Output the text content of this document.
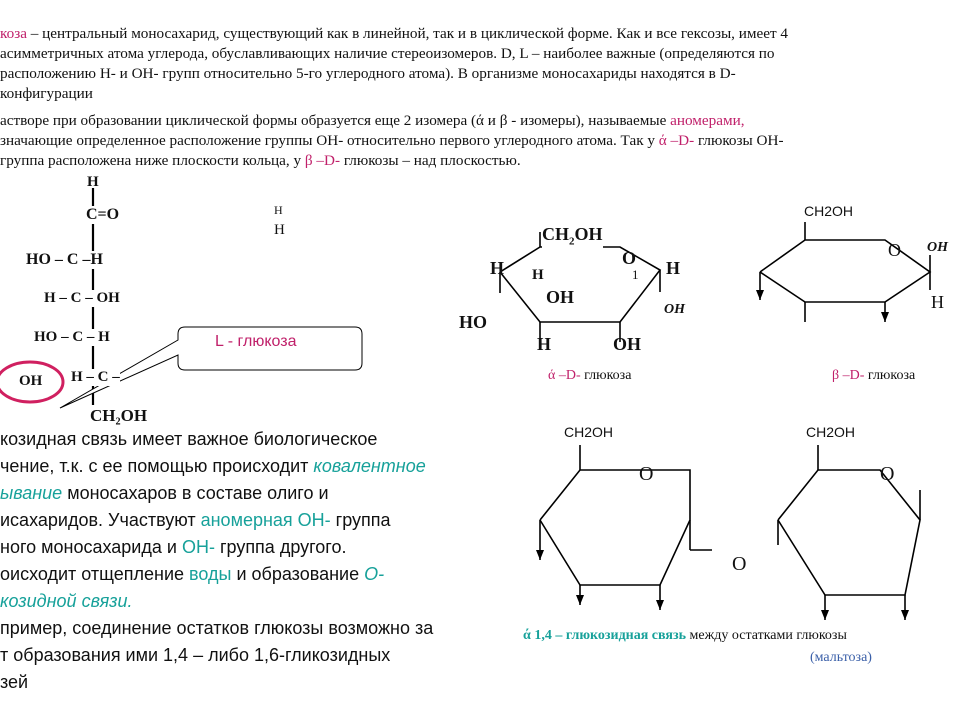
козa – центральный моносахарид, существующий как в линейной, так и в циклической форме. Как и все гексозы, имеет 4
асимметричных атома углерода, обуславливающих наличие стереоизомеров. D, L – наиболее важные (определяются по
расположению Н- и ОН- групп относительно 5-го углеродного атома). В организме моносахариды находятся в D-
конфигурации

астворе при образовании циклической формы образуется еще 2 изомера (ά и β - изомеры), называемые аномерами,
значающие определенное расположение группы ОН- относительно первого углеродного атома. Так у ά –D- глюкозы ОН-
группа расположена ниже плоскости кольца, у β –D- глюкозы – над плоскостью.

H
C=O
HO – C –H
H – C – OH
HO – C – H
H – C –
CH₂OH
OH
L - глюкоза
H
H	$CH_2OH$
O
1
H H
OH
H
OH
HO
H	OH
ά –D- глюкоза
CH2OH
O OH
H
β –D- глюкоза
козидная связь имеет важное биологическое
чение, т.к. с ее помощью происходит ковалентное
ывание моносахаров в составе олиго и
исахаридов. Участвуют аномерная ОН- группа
ного моносахарида и ОН- группа другого.
оисходит отщепление воды и образование О-
козидной связи.
пример, соединение остатков глюкозы возможно за
т образования ими 1,4 – либо 1,6-гликозидных
зей
CH2OH	CH2OH
O	O
O
ά 1,4 – глюкозидная связь между остатками глюкозы
(мальтоза)
